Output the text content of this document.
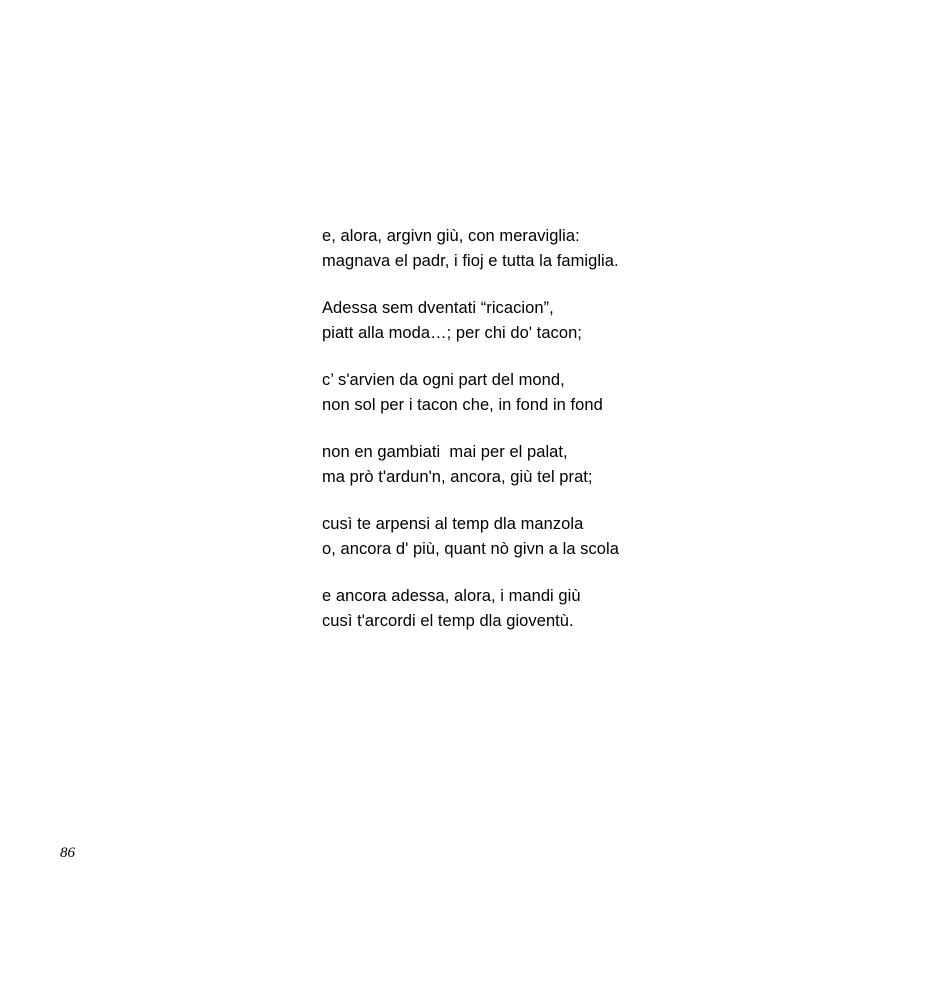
e, alora, argivn giù, con meraviglia:
magnava el padr, i fioj e tutta la famiglia.
Adessa sem dventati “ricacion”,
piatt alla moda…; per chi do' tacon;
c’ s'arvien da ogni part del mond,
non sol per i tacon che, in fond in fond
non en gambiati  mai per el palat,
ma prò t'ardun'n, ancora, giù tel prat;
cusì te arpensi al temp dla manzola
o, ancora d' più, quant nò givn a la scola
e ancora adessa, alora, i mandi giù
cusì t'arcordi el temp dla gioventù.
86
